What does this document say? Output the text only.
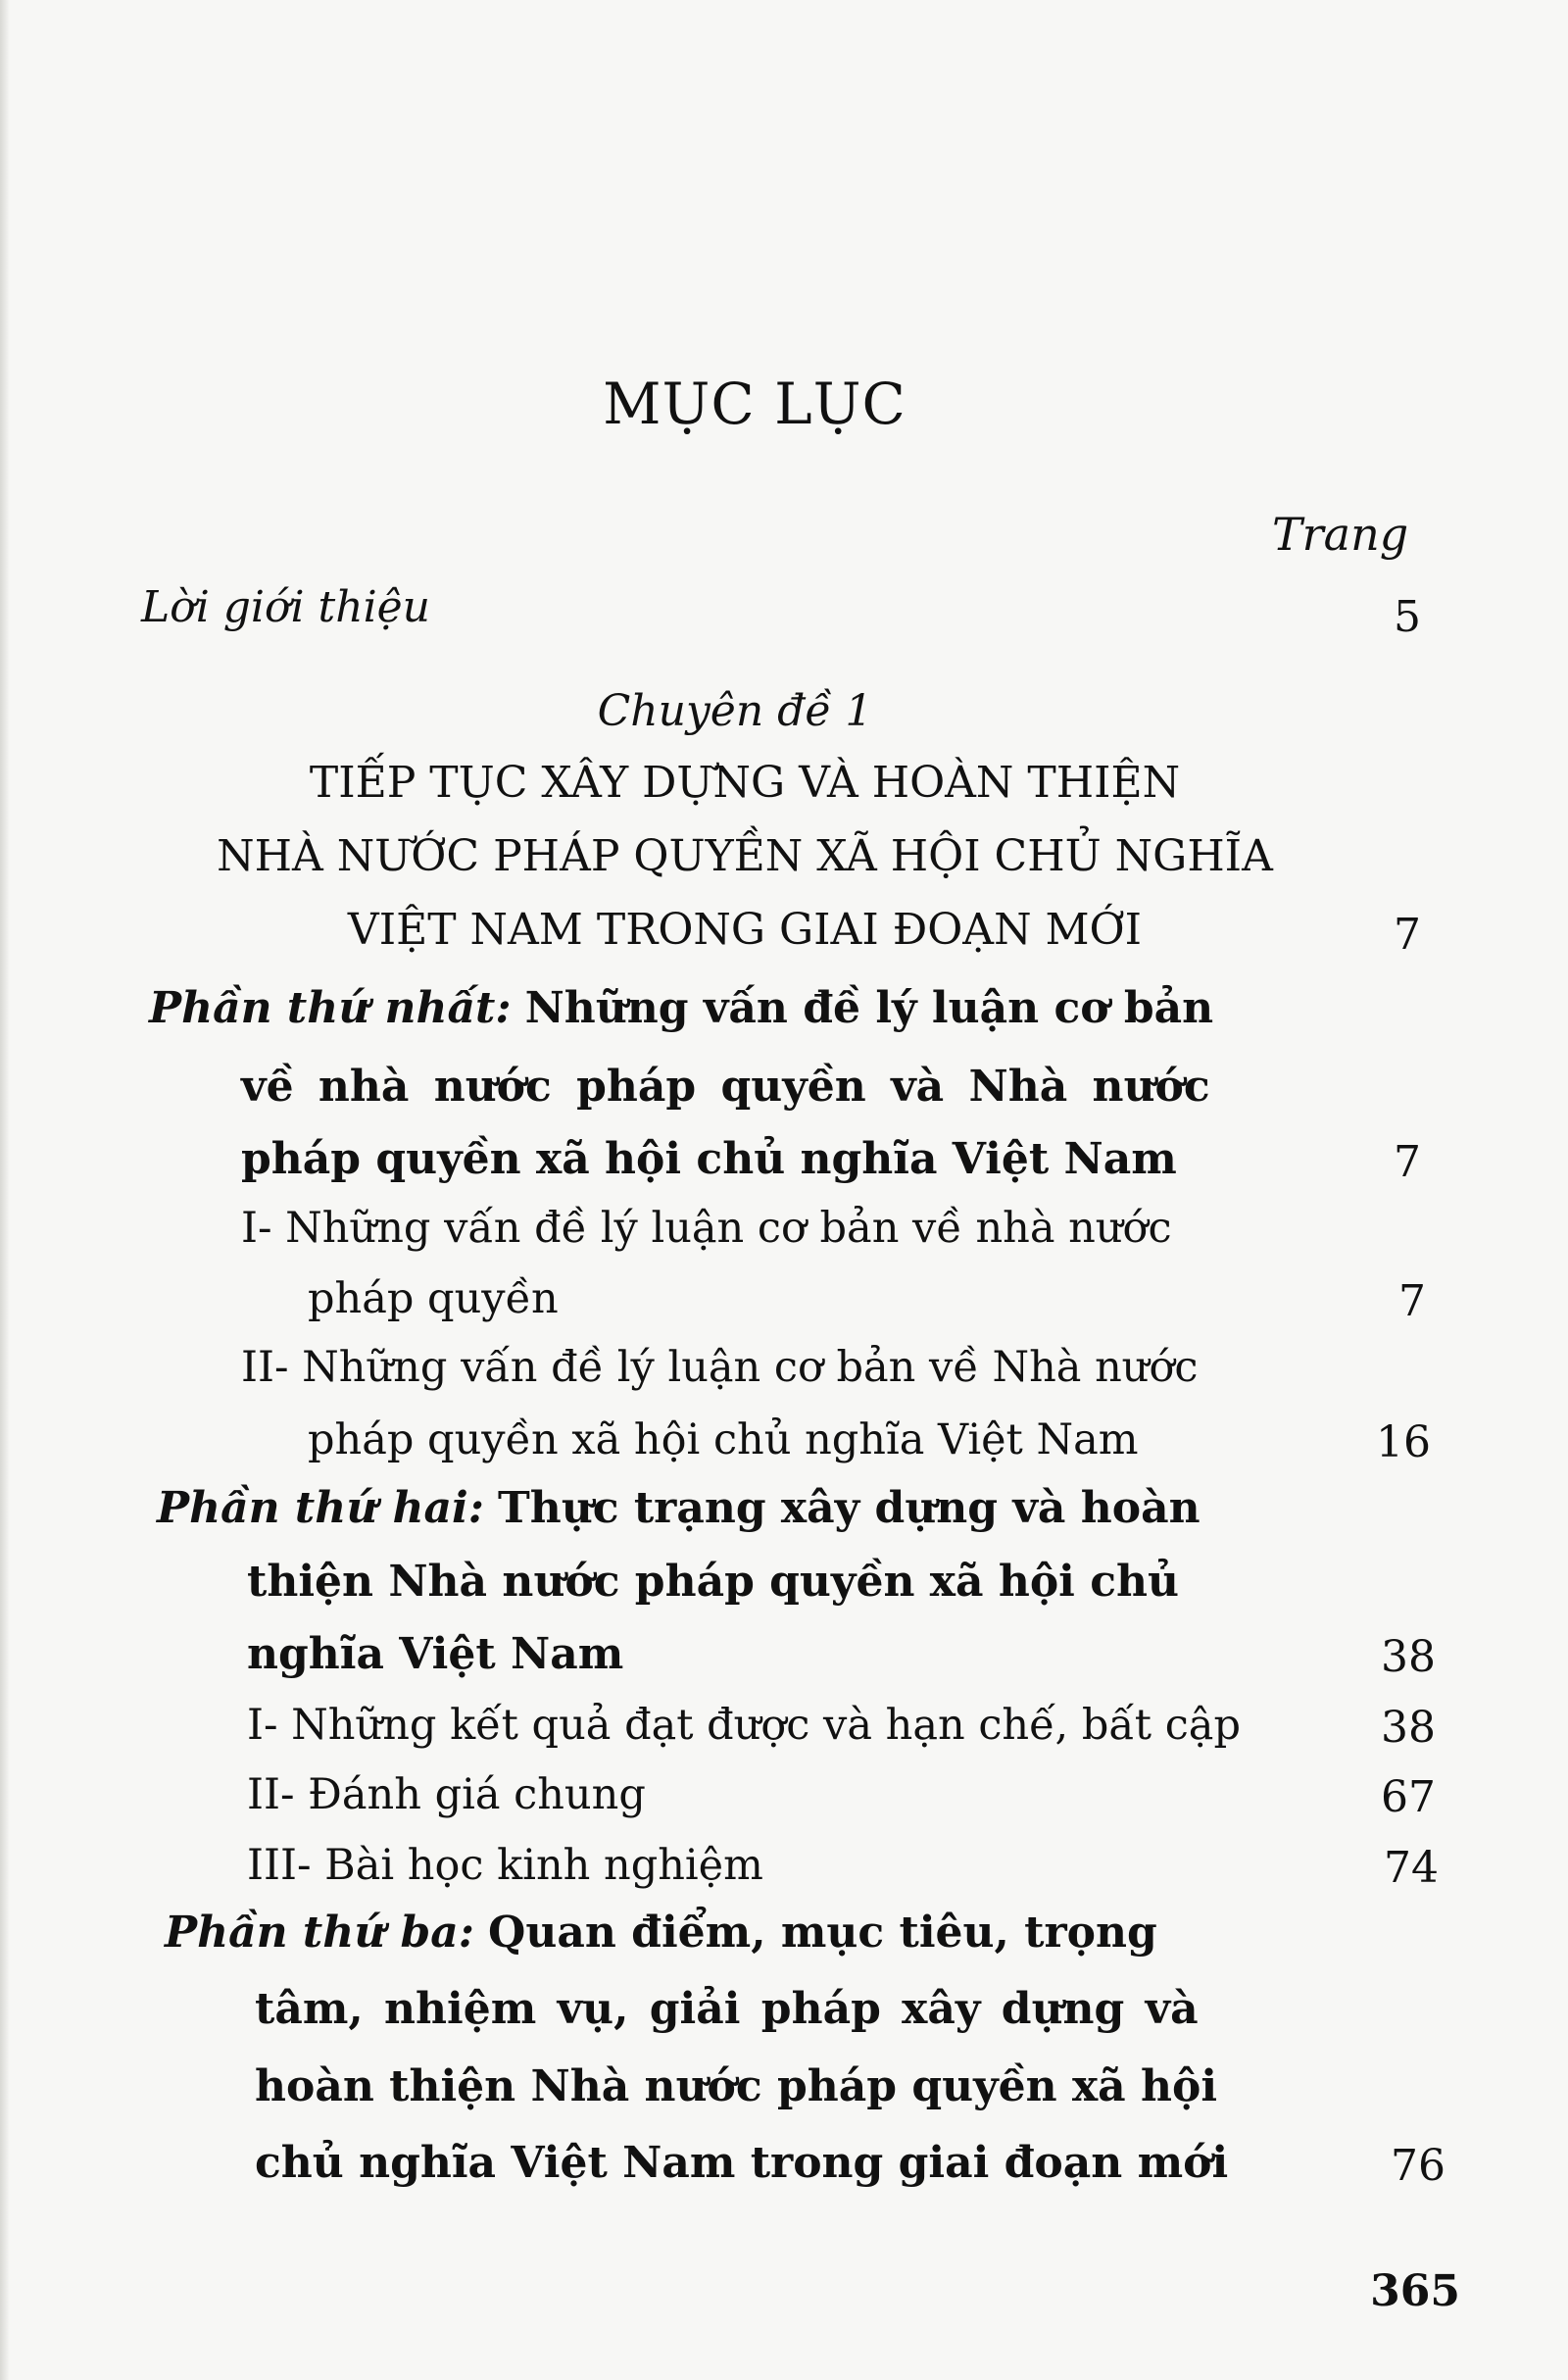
MỤC LỤC
Trang
Lời giới thiệu	5
Chuyên đề 1
TIẾP TỤC XÂY DỰNG VÀ HOÀN THIỆN
NHÀ NƯỚC PHÁP QUYỀN XÃ HỘI CHỦ NGHĨA
VIỆT NAM TRONG GIAI ĐOẠN MỚI	7
Phần thứ nhất: Những vấn đề lý luận cơ bản
về nhà nước pháp quyền và Nhà nước
pháp quyền xã hội chủ nghĩa Việt Nam	7
I- Những vấn đề lý luận cơ bản về nhà nước
pháp quyền	7
II- Những vấn đề lý luận cơ bản về Nhà nước
pháp quyền xã hội chủ nghĩa Việt Nam	16
Phần thứ hai: Thực trạng xây dựng và hoàn
thiện Nhà nước pháp quyền xã hội chủ
nghĩa Việt Nam	38
I- Những kết quả đạt được và hạn chế, bất cập	38
II- Đánh giá chung	67
III- Bài học kinh nghiệm	74
Phần thứ ba: Quan điểm, mục tiêu, trọng
tâm, nhiệm vụ, giải pháp xây dựng và
hoàn thiện Nhà nước pháp quyền xã hội
chủ nghĩa Việt Nam trong giai đoạn mới	76
365
